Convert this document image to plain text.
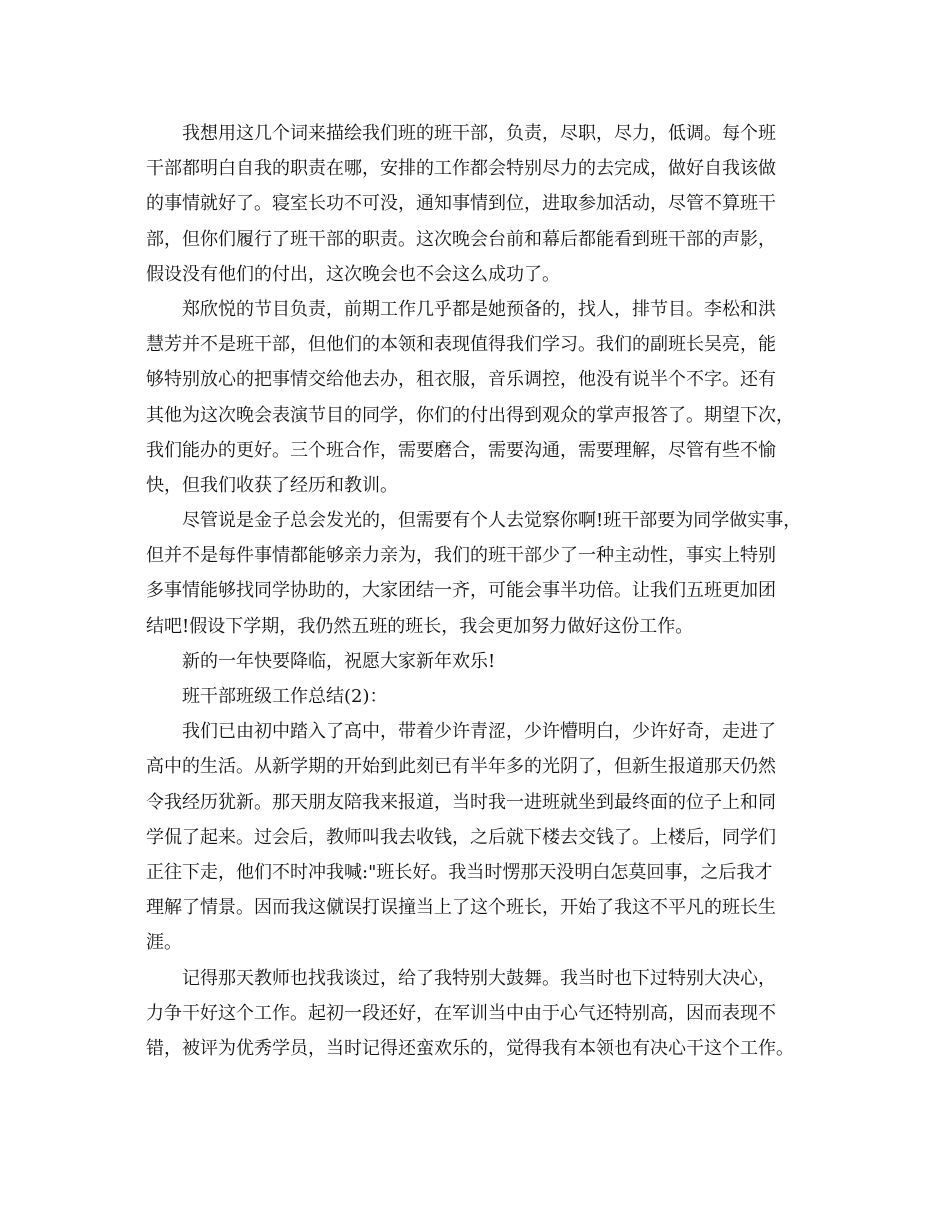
我想用这几个词来描绘我们班的班干部，负责，尽职，尽力，低调。每个班
干部都明白自我的职责在哪，安排的工作都会特别尽力的去完成，做好自我该做
的事情就好了。寝室长功不可没，通知事情到位，进取参加活动，尽管不算班干
部，但你们履行了班干部的职责。这次晚会台前和幕后都能看到班干部的声影，
假设没有他们的付出，这次晚会也不会这么成功了。
郑欣悦的节目负责，前期工作几乎都是她预备的，找人，排节目。李松和洪
慧芳并不是班干部，但他们的本领和表现值得我们学习。我们的副班长吴亮，能
够特别放心的把事情交给他去办，租衣服，音乐调控，他没有说半个不字。还有
其他为这次晚会表演节目的同学，你们的付出得到观众的掌声报答了。期望下次，
我们能办的更好。三个班合作，需要磨合，需要沟通，需要理解，尽管有些不愉
快，但我们收获了经历和教训。
尽管说是金子总会发光的，但需要有个人去觉察你啊!班干部要为同学做实事，
但并不是每件事情都能够亲力亲为，我们的班干部少了一种主动性，事实上特别
多事情能够找同学协助的，大家团结一齐，可能会事半功倍。让我们五班更加团
结吧!假设下学期，我仍然五班的班长，我会更加努力做好这份工作。
新的一年快要降临，祝愿大家新年欢乐!
班干部班级工作总结(2)：
我们已由初中踏入了高中，带着少许青涩，少许懵明白，少许好奇，走进了
高中的生活。从新学期的开始到此刻已有半年多的光阴了，但新生报道那天仍然
令我经历犹新。那天朋友陪我来报道，当时我一进班就坐到最终面的位子上和同
学侃了起来。过会后，教师叫我去收钱，之后就下楼去交钱了。上楼后，同学们
正往下走，他们不时冲我喊:"班长好。我当时愣那天没明白怎莫回事，之后我才
理解了情景。因而我这僦误打误撞当上了这个班长，开始了我这不平凡的班长生
涯。
记得那天教师也找我谈过，给了我特别大鼓舞。我当时也下过特别大决心，
力争干好这个工作。起初一段还好，在军训当中由于心气还特别高，因而表现不
错，被评为优秀学员，当时记得还蛮欢乐的，觉得我有本领也有决心干这个工作。
